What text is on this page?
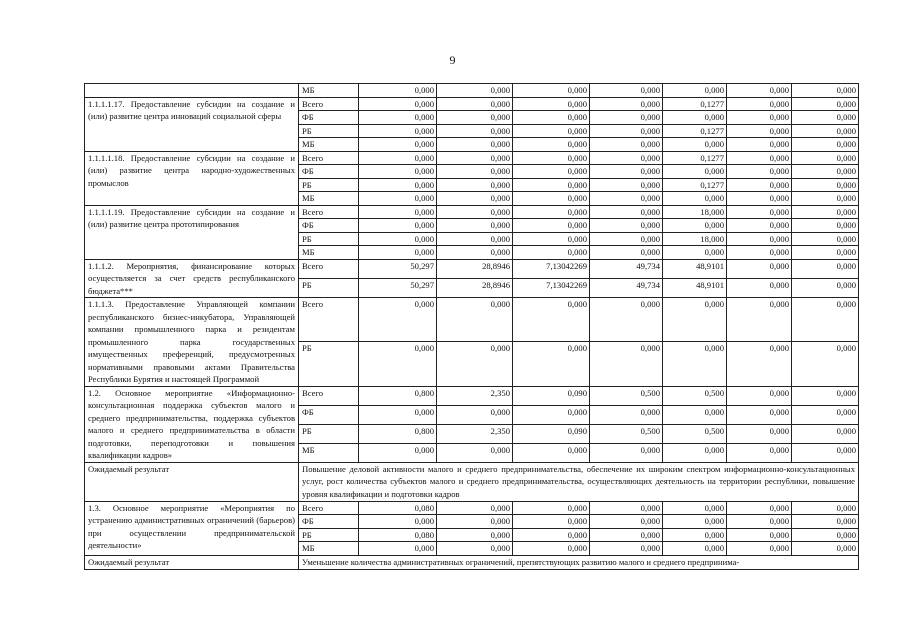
9
	МБ	0,000	0,000	0,000	0,000	0,000	0,000	0,000
1.1.1.1.17. Предоставление субсидии на создание и (или) развитие центра инноваций социальной сферы	Всего	0,000	0,000	0,000	0,000	0,1277	0,000	0,000
	ФБ	0,000	0,000	0,000	0,000	0,000	0,000	0,000
	РБ	0,000	0,000	0,000	0,000	0,1277	0,000	0,000
	МБ	0,000	0,000	0,000	0,000	0,000	0,000	0,000
1.1.1.1.18. Предоставление субсидии на создание и (или) развитие центра народно-художественных промыслов	Всего	0,000	0,000	0,000	0,000	0,1277	0,000	0,000
	ФБ	0,000	0,000	0,000	0,000	0,000	0,000	0,000
	РБ	0,000	0,000	0,000	0,000	0,1277	0,000	0,000
	МБ	0,000	0,000	0,000	0,000	0,000	0,000	0,000
1.1.1.1.19. Предоставление субсидии на создание и (или) развитие центра прототипирования	Всего	0,000	0,000	0,000	0,000	18,000	0,000	0,000
	ФБ	0,000	0,000	0,000	0,000	0,000	0,000	0,000
	РБ	0,000	0,000	0,000	0,000	18,000	0,000	0,000
	МБ	0,000	0,000	0,000	0,000	0,000	0,000	0,000
1.1.1.2. Мероприятия, финансирование которых осуществляется за счет средств республиканского бюджета***	Всего	50,297	28,8946	7,13042269	49,734	48,9101	0,000	0,000
	РБ	50,297	28,8946	7,13042269	49,734	48,9101	0,000	0,000
1.1.1.3. Предоставление Управляющей компании республиканского бизнес-инкубатора, Управляющей компании промышленного парка и резидентам промышленного парка государственных имущественных преференций, предусмотренных нормативными правовыми актами Правительства Республики Бурятия и настоящей Программой	Всего	0,000	0,000	0,000	0,000	0,000	0,000	0,000
	РБ	0,000	0,000	0,000	0,000	0,000	0,000	0,000
1.2. Основное мероприятие «Информационно-консультационная поддержка субъектов малого и среднего предпринимательства, поддержка субъектов малого и среднего предпринимательства в области подготовки, переподготовки и повышения квалификации кадров»	Всего	0,800	2,350	0,090	0,500	0,500	0,000	0,000
	ФБ	0,000	0,000	0,000	0,000	0,000	0,000	0,000
	РБ	0,800	2,350	0,090	0,500	0,500	0,000	0,000
	МБ	0,000	0,000	0,000	0,000	0,000	0,000	0,000
Ожидаемый результат	Повышение деловой активности малого и среднего предпринимательства, обеспечение их широким спектром информационно-консультационных услуг, рост количества субъектов малого и среднего предпринимательства, осуществляющих деятельность на территории республики, повышение уровня квалификации и подготовки кадров							
1.3. Основное мероприятие «Мероприятия по устранению административных ограничений (барьеров) при осуществлении предпринимательской деятельности»	Всего	0,080	0,000	0,000	0,000	0,000	0,000	0,000
	ФБ	0,000	0,000	0,000	0,000	0,000	0,000	0,000
	РБ	0,080	0,000	0,000	0,000	0,000	0,000	0,000
	МБ	0,000	0,000	0,000	0,000	0,000	0,000	0,000
Ожидаемый результат	Уменьшение количества административных ограничений, препятствующих развитию малого и среднего предпринима-							
